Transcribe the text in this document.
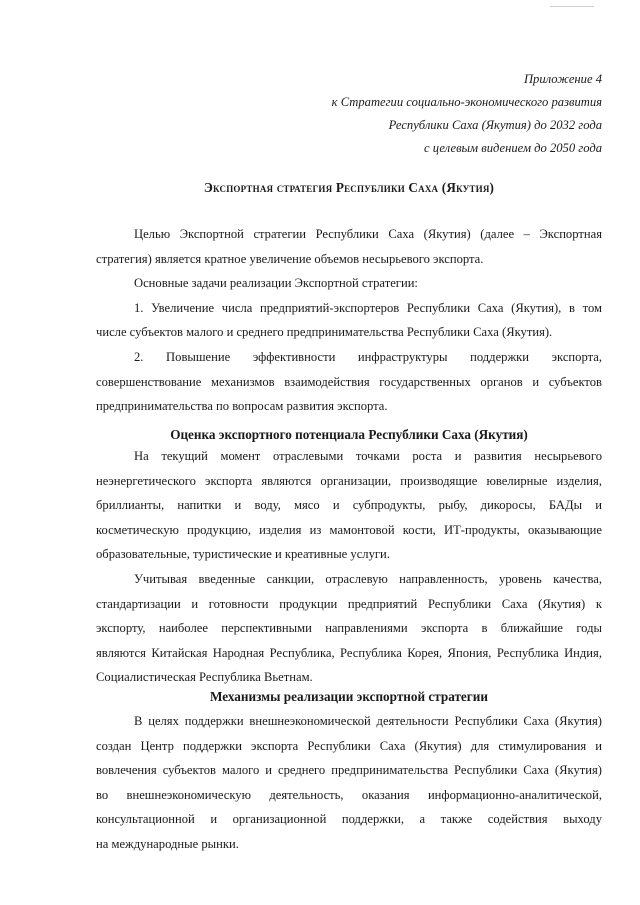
Приложение 4
к Стратегии социально-экономического развития
Республики Саха (Якутия) до 2032 года
с целевым видением до 2050 года
Экспортная стратегия Республики Саха (Якутия)

Целью Экспортной стратегии Республики Саха (Якутия) (далее – Экспортная

стратегия) является кратное увеличение объемов несырьевого экспорта.

Основные задачи реализации Экспортной стратегии:

1. Увеличение числа предприятий-экспортеров Республики Саха (Якутия), в том

числе субъектов малого и среднего предпринимательства Республики Саха (Якутия).

2. Повышение эффективности инфраструктуры поддержки экспорта,

совершенствование механизмов взаимодействия государственных органов и субъектов

предпринимательства по вопросам развития экспорта.

Оценка экспортного потенциала Республики Саха (Якутия)

На текущий момент отраслевыми точками роста и развития несырьевого

неэнергетического экспорта являются организации, производящие ювелирные изделия,

бриллианты, напитки и воду, мясо и субпродукты, рыбу, дикоросы, БАДы и

косметическую продукцию, изделия из мамонтовой кости, ИТ-продукты, оказывающие

образовательные, туристические и креативные услуги.

Учитывая введенные санкции, отраслевую направленность, уровень качества,

стандартизации и готовности продукции предприятий Республики Саха (Якутия) к

экспорту, наиболее перспективными направлениями экспорта в ближайшие годы

являются Китайская Народная Республика, Республика Корея, Япония, Республика Индия,

Социалистическая Республика Вьетнам.

Механизмы реализации экспортной стратегии

В целях поддержки внешнеэкономической деятельности Республики Саха (Якутия)

создан Центр поддержки экспорта Республики Саха (Якутия) для стимулирования и

вовлечения субъектов малого и среднего предпринимательства Республики Саха (Якутия)

во внешнеэкономическую деятельность, оказания информационно-аналитической,

консультационной и организационной поддержки, а также содействия выходу

на международные рынки.
